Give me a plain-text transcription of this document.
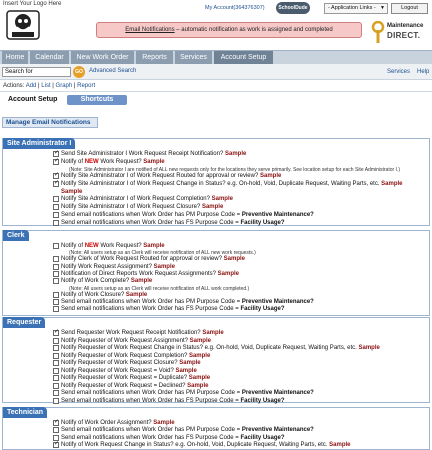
Insert Your Logo Here
My Account(364376307)	SchoolDude	- Application Links - ▼	Logout
Email Notifications – automatic notification as work is assigned and completed
Maintenance
DIRECT.
Home	Calendar	New Work Order	Reports	Services	Account Setup
Search for	GO	Advanced Search	Services Help
Actions: Add | List | Graph | Report
Account Setup	Shortcuts
Manage Email Notifications
Site Administrator I
✓
Send Site Administrator I Work Request Receipt Notification? Sample
✓
Notify of NEW Work Request? Sample
(Note: Site Administrator I are notified of ALL new requests only for the locations they serve primarily. See location setup for each Site Administrator I.)
✓
Notify Site Administrator I of Work Request Routed for approval or review? Sample
✓
Notify Site Administrator I of Work Request Change in Status? e.g. On-hold, Void, Duplicate Request, Waiting Parts, etc. Sample
Sample
Notify Site Administrator I of Work Request Completion? Sample
Notify Site Administrator I of Work Request Closure? Sample
Send email notifications when Work Order has PM Purpose Code = Preventive Maintenance?
Send email notifications when Work Order has FS Purpose Code = Facility Usage?
Clerk
Notify of NEW Work Request? Sample
(Note: All users setup as an Clerk will receive notification of ALL new work requests.)
Notify Clerk of Work Request Routed for approval or review? Sample
Notify Work Request Assignment? Sample
Notification of Direct Reports Work Request Assignments? Sample
Notify of Work Complete? Sample
(Note: All users setup as an Clerk will receive notification of ALL work completed.)
Notify of Work Closure? Sample
Send email notifications when Work Order has PM Purpose Code = Preventive Maintenance?
Send email notifications when Work Order has FS Purpose Code = Facility Usage?
Requester
✓
Send Requester Work Request Receipt Notification? Sample
Notify Requester of Work Request Assignment? Sample
Notify Requester of Work Request Change in Status? e.g. On-hold, Void, Duplicate Request, Waiting Parts, etc. Sample
Notify Requester of Work Request Completion? Sample
Notify Requester of Work Request Closure? Sample
Notify Requester of Work Request = Void? Sample
Notify Requester of Work Request = Duplicate? Sample
Notify Requester of Work Request = Declined? Sample
Send email notifications when Work Order has PM Purpose Code = Preventive Maintenance?
Send email notifications when Work Order has FS Purpose Code = Facility Usage?
Technician
✓
Notify of Work Order Assignment? Sample
Send email notifications when Work Order has PM Purpose Code = Preventive Maintenance?
Send email notifications when Work Order has FS Purpose Code = Facility Usage?
✓
Notify of Work Request Change in Status? e.g. On-hold, Void, Duplicate Request, Waiting Parts, etc. Sample
